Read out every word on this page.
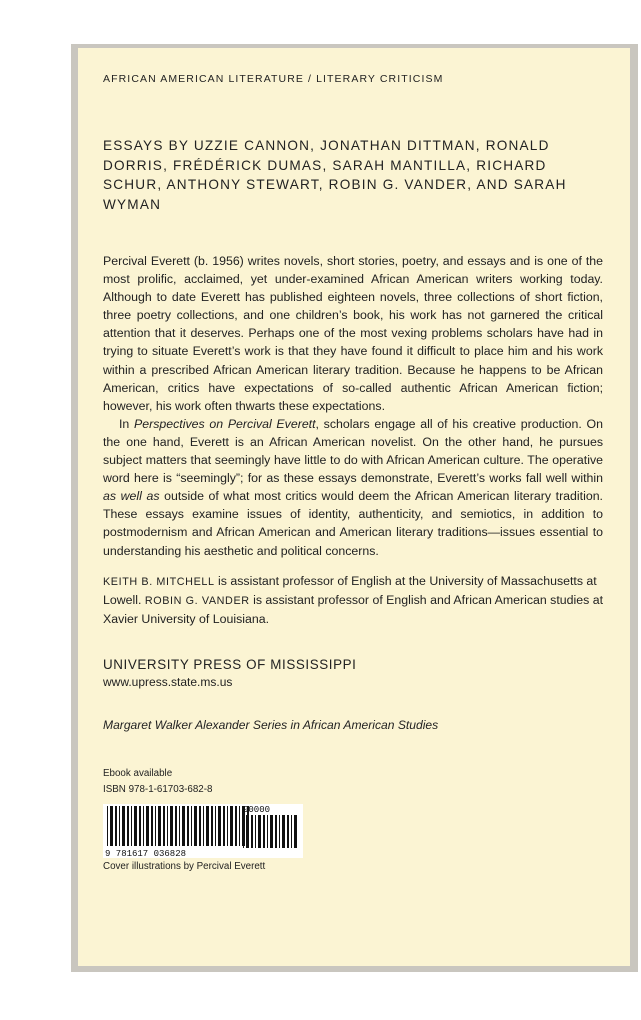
AFRICAN AMERICAN LITERATURE / LITERARY CRITICISM
ESSAYS BY UZZIE CANNON, JONATHAN DITTMAN, RONALD DORRIS, FRÉDÉRICK DUMAS, SARAH MANTILLA, RICHARD SCHUR, ANTHONY STEWART, ROBIN G. VANDER, AND SARAH WYMAN

Percival Everett (b. 1956) writes novels, short stories, poetry, and essays and is one of the most prolific, acclaimed, yet under-examined African American writers working today. Although to date Everett has published eighteen novels, three collections of short fiction, three poetry collections, and one children’s book, his work has not garnered the critical attention that it deserves. Perhaps one of the most vexing problems scholars have had in trying to situate Everett’s work is that they have found it difficult to place him and his work within a prescribed African American literary tradition. Because he happens to be African American, critics have expectations of so-called authentic African American fiction; however, his work often thwarts these expectations.

In Perspectives on Percival Everett, scholars engage all of his creative production. On the one hand, Everett is an African American novelist. On the other hand, he pursues subject matters that seemingly have little to do with African American culture. The operative word here is “seemingly”; for as these essays demonstrate, Everett’s works fall well within as well as outside of what most critics would deem the African American literary tradition. These essays examine issues of identity, authenticity, and semiotics, in addition to postmodernism and African American and American literary traditions—issues essential to understanding his aesthetic and political concerns.

KEITH B. MITCHELL is assistant professor of English at the University of Massachusetts at Lowell. ROBIN G. VANDER is assistant professor of English and African American studies at Xavier University of Louisiana.
UNIVERSITY PRESS OF MISSISSIPPI
www.upress.state.ms.us
Margaret Walker Alexander Series in African American Studies
Ebook available
ISBN 978-1-61703-682-8
9 781617 036828
90000
Cover illustrations by Percival Everett
